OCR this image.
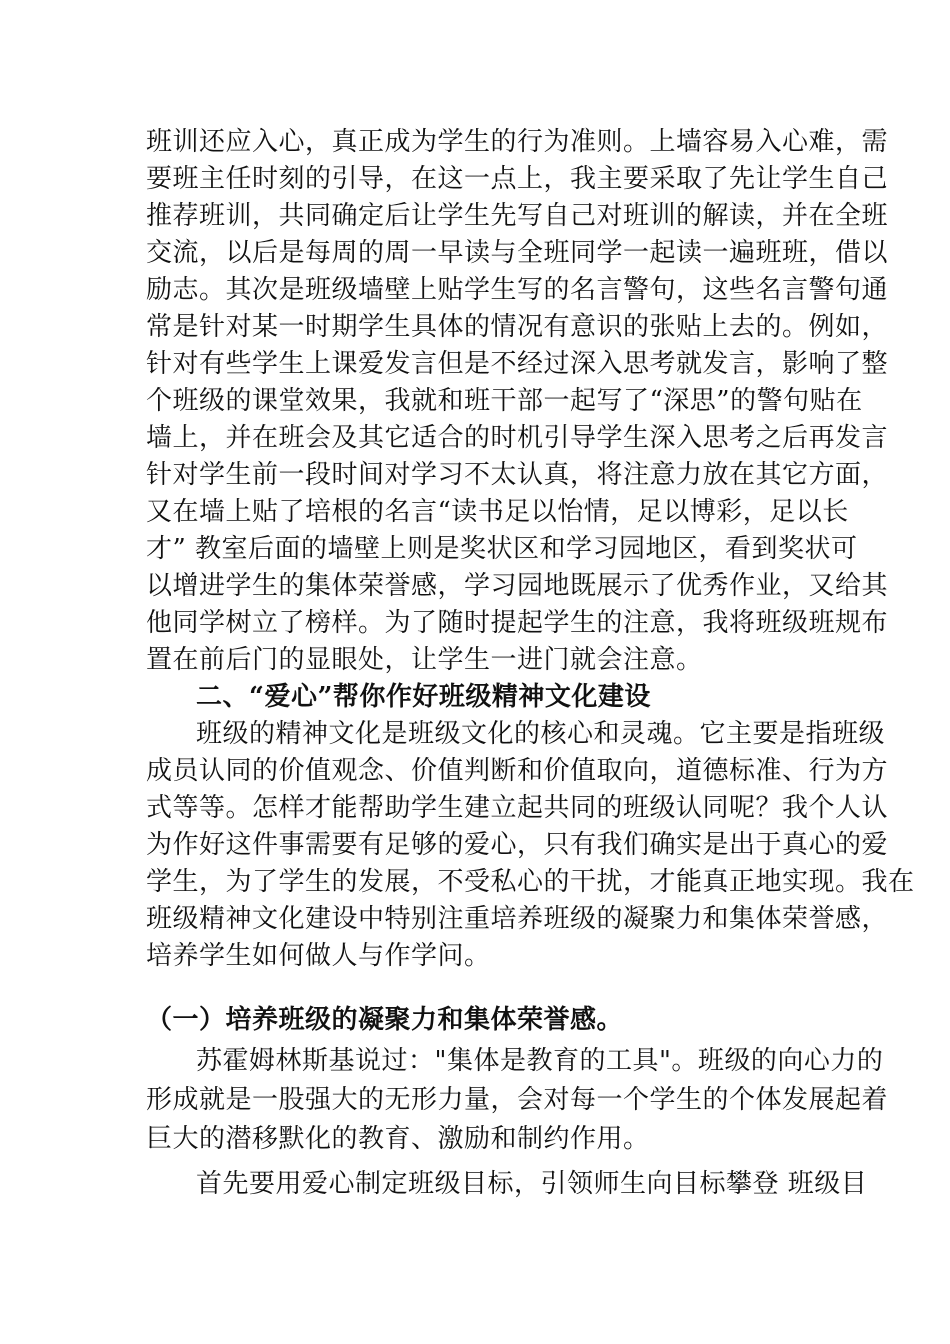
班训还应入心，真正成为学生的行为准则。上墙容易入心难，需
要班主任时刻的引导，在这一点上，我主要采取了先让学生自己
推荐班训，共同确定后让学生先写自己对班训的解读，并在全班
交流，以后是每周的周一早读与全班同学一起读一遍班班，借以
励志。其次是班级墙壁上贴学生写的名言警句，这些名言警句通
常是针对某一时期学生具体的情况有意识的张贴上去的。例如，
针对有些学生上课爱发言但是不经过深入思考就发言，影响了整
个班级的课堂效果，我就和班干部一起写了“深思”的警句贴在
墙上，并在班会及其它适合的时机引导学生深入思考之后再发言
针对学生前一段时间对学习不太认真，将注意力放在其它方面，
又在墙上贴了培根的名言“读书足以怡情，足以博彩，足以长
才” 教室后面的墙壁上则是奖状区和学习园地区，看到奖状可
以增进学生的集体荣誉感，学习园地既展示了优秀作业，又给其
他同学树立了榜样。为了随时提起学生的注意，我将班级班规布
置在前后门的显眼处，让学生一进门就会注意。
二、“爱心”帮你作好班级精神文化建设
班级的精神文化是班级文化的核心和灵魂。它主要是指班级
成员认同的价值观念、价值判断和价值取向，道德标准、行为方
式等等。怎样才能帮助学生建立起共同的班级认同呢？我个人认
为作好这件事需要有足够的爱心，只有我们确实是出于真心的爱
学生，为了学生的发展，不受私心的干扰，才能真正地实现。我在
班级精神文化建设中特别注重培养班级的凝聚力和集体荣誉感，
培养学生如何做人与作学问。
（一）培养班级的凝聚力和集体荣誉感。
苏霍姆林斯基说过："集体是教育的工具"。班级的向心力的
形成就是一股强大的无形力量，会对每一个学生的个体发展起着
巨大的潜移默化的教育、激励和制约作用。
首先要用爱心制定班级目标，引领师生向目标攀登 班级目
